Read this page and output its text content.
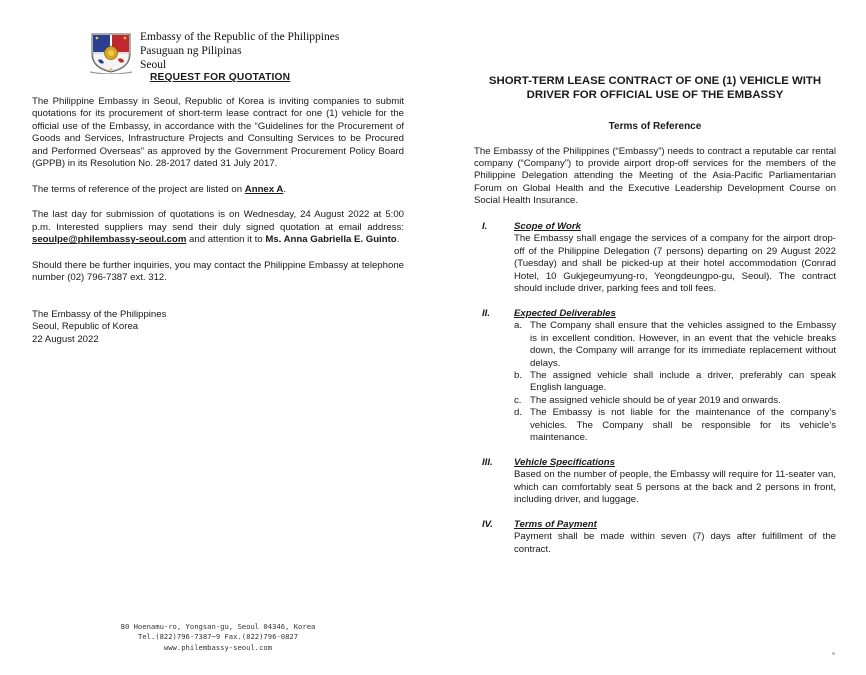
Embassy of the Republic of the Philippines
Pasuguan ng Pilipinas
Seoul
REQUEST FOR QUOTATION

The Philippine Embassy in Seoul, Republic of Korea is inviting companies to submit quotations for its procurement of short-term lease contract for one (1) vehicle for the official use of the Embassy, in accordance with the “Guidelines for the Procurement of Goods and Services, Infrastructure Projects and Consulting Services to be Procured and Performed Overseas” as approved by the Government Procurement Policy Board (GPPB) in its Resolution No. 28-2017 dated 31 July 2017.

The terms of reference of the project are listed on Annex A.

The last day for submission of quotations is on Wednesday, 24 August 2022 at 5:00 p.m. Interested suppliers may send their duly signed quotation at email address: seoulpe@philembassy-seoul.com and attention it to Ms. Anna Gabriella E. Guinto.

Should there be further inquiries, you may contact the Philippine Embassy at telephone number (02) 796-7387 ext. 312.

The Embassy of the Philippines
Seoul, Republic of Korea
22 August 2022
80 Hoenamu-ro, Yongsan-gu, Seoul 04346, Korea
Tel.(822)796-7387~9 Fax.(822)796-0827
www.philembassy-seoul.com
SHORT-TERM LEASE CONTRACT OF ONE (1) VEHICLE WITH
DRIVER FOR OFFICIAL USE OF THE EMBASSY
Terms of Reference

The Embassy of the Philippines (“Embassy”) needs to contract a reputable car rental company (“Company”) to provide airport drop-off services for the members of the Philippine Delegation attending the Meeting of the Asia-Pacific Parliamentarian Forum on Global Health and the Executive Leadership Development Course on Social Health Insurance.

I.	Scope of Work
The Embassy shall engage the services of a company for the airport drop-off of the Philippine Delegation (7 persons) departing on 29 August 2022 (Tuesday) and shall be picked-up at their hotel accommodation (Conrad Hotel, 10 Gukjegeumyung-ro, Yeongdeungpo-gu, Seoul). The contract should include driver, parking fees and toll fees.
II.	Expected Deliverables
a. The Company shall ensure that the vehicles assigned to the Embassy is in excellent condition. However, in an event that the vehicle breaks down, the Company will arrange for its immediate replacement without delays.
b. The assigned vehicle shall include a driver, preferably can speak English language.
c. The assigned vehicle should be of year 2019 and onwards.
d. The Embassy is not liable for the maintenance of the company’s vehicles. The Company shall be responsible for its vehicle’s maintenance.
III. Vehicle Specifications
Based on the number of people, the Embassy will require for 11-seater van, which can comfortably seat 5 persons at the back and 2 persons in front, including driver, and luggage.
IV. Terms of Payment
Payment shall be made within seven (7) days after fulfillment of the contract.
